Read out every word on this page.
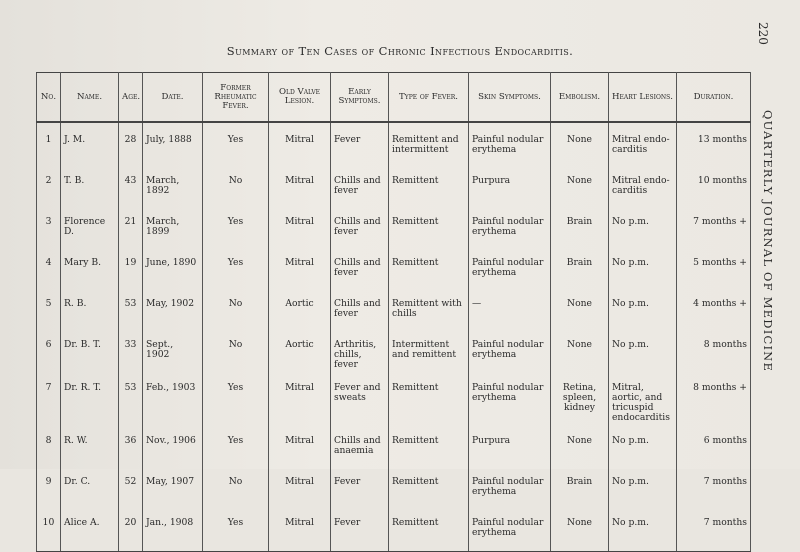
Summary of Ten Cases of Chronic Infectious Endocarditis.
220
QUARTERLY JOURNAL OF MEDICINE
No.	Name.	Age.	Date.	Former Rheumatic Fever.	Old Valve Lesion.	Early Symptoms.	Type of Fever.	Skin Symptoms.	Embolism.	Heart Lesions.	Duration.
1	J. M.	28	July, 1888	Yes	Mitral	Fever	Remittent and intermittent	Painful nodular erythema	None	Mitral endo-carditis	13 months
2	T. B.	43	March, 1892	No	Mitral	Chills and fever	Remittent	Purpura	None	Mitral endo-carditis	10 months
3	Florence D.	21	March, 1899	Yes	Mitral	Chills and fever	Remittent	Painful nodular erythema	Brain	No p.m.	7 months +
4	Mary B.	19	June, 1890	Yes	Mitral	Chills and fever	Remittent	Painful nodular erythema	Brain	No p.m.	5 months +
5	R. B.	53	May, 1902	No	Aortic	Chills and fever	Remittent with chills	—	None	No p.m.	4 months +
6	Dr. B. T.	33	Sept., 1902	No	Aortic	Arthritis, chills, fever	Intermittent and remittent	Painful nodular erythema	None	No p.m.	8 months
7	Dr. R. T.	53	Feb., 1903	Yes	Mitral	Fever and sweats	Remittent	Painful nodular erythema	Retina, spleen, kidney	Mitral, aortic, and tricuspid endocarditis	8 months +
8	R. W.	36	Nov., 1906	Yes	Mitral	Chills and anaemia	Remittent	Purpura	None	No p.m.	6 months
9	Dr. C.	52	May, 1907	No	Mitral	Fever	Remittent	Painful nodular erythema	Brain	No p.m.	7 months
10	Alice A.	20	Jan., 1908	Yes	Mitral	Fever	Remittent	Painful nodular erythema	None	No p.m.	7 months
